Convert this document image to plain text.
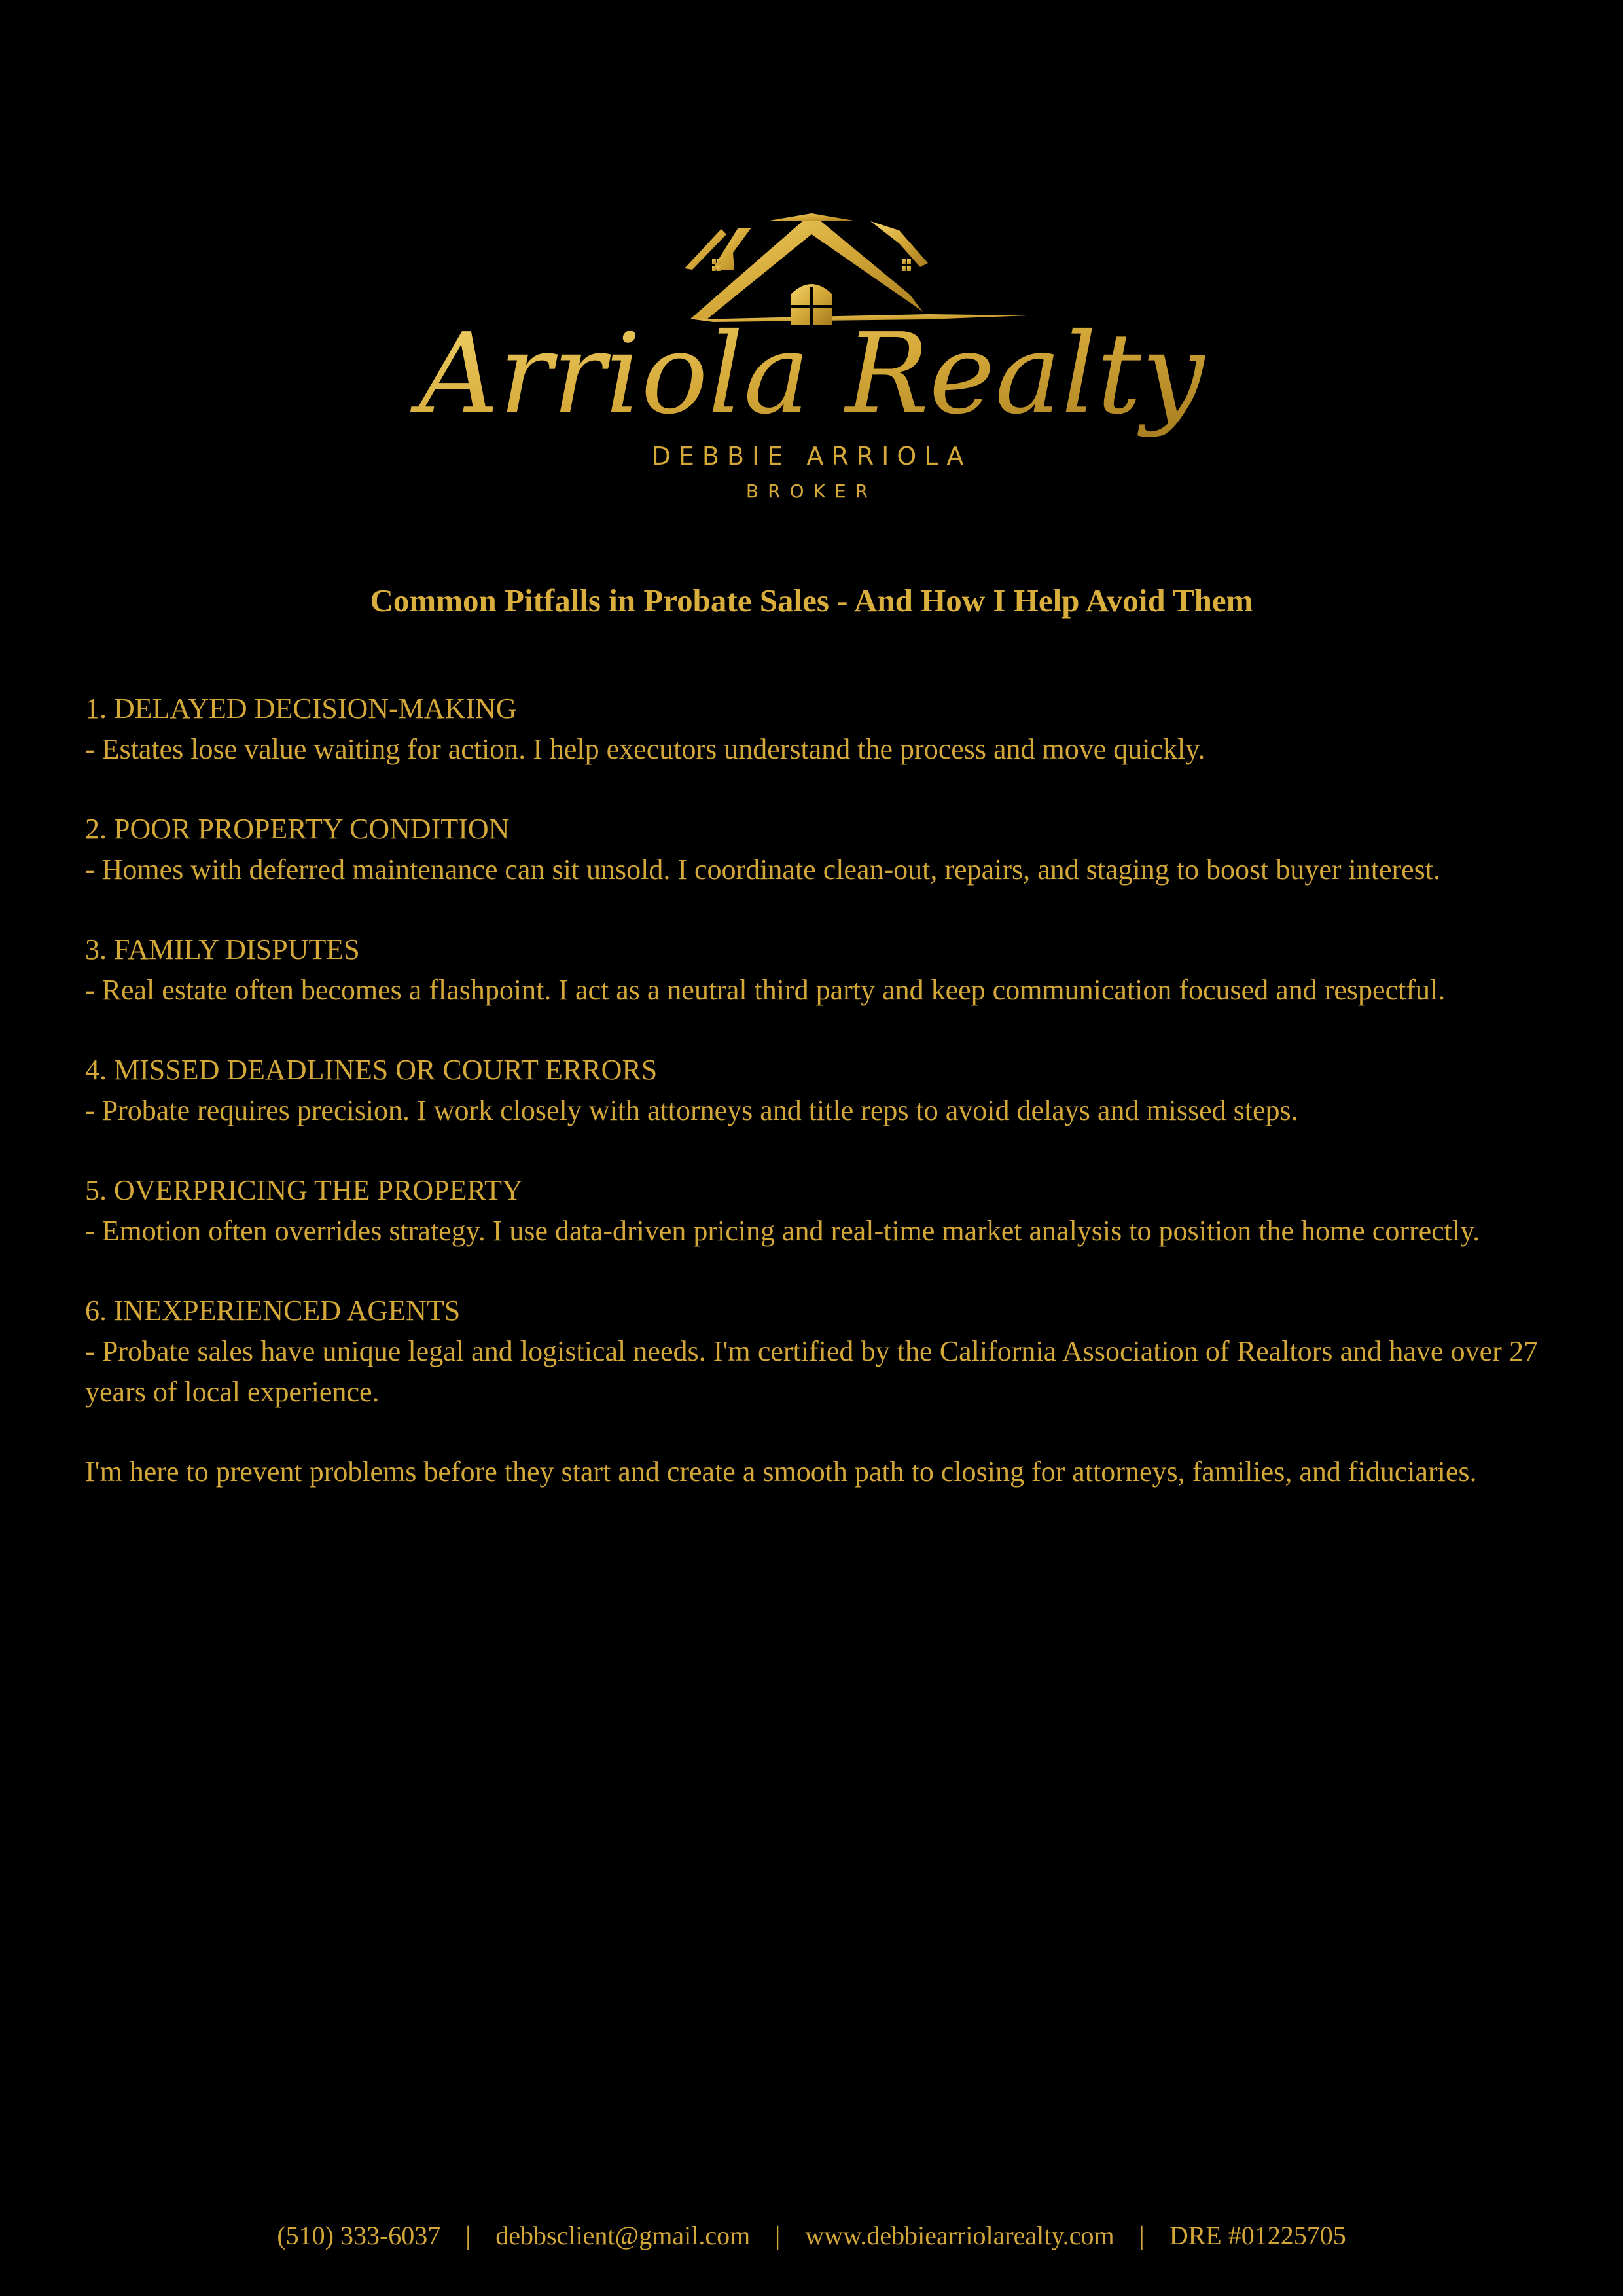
Arriola Realty
DEBBIE ARRIOLA
BROKER
Common Pitfalls in Probate Sales - And How I Help Avoid Them
1. DELAYED DECISION-MAKING
- Estates lose value waiting for action. I help executors understand the process and move quickly.
2. POOR PROPERTY CONDITION
- Homes with deferred maintenance can sit unsold. I coordinate clean-out, repairs, and staging to boost buyer interest.
3. FAMILY DISPUTES
- Real estate often becomes a flashpoint. I act as a neutral third party and keep communication focused and respectful.
4. MISSED DEADLINES OR COURT ERRORS
- Probate requires precision. I work closely with attorneys and title reps to avoid delays and missed steps.
5. OVERPRICING THE PROPERTY
- Emotion often overrides strategy. I use data-driven pricing and real-time market analysis to position the home correctly.
6. INEXPERIENCED AGENTS
- Probate sales have unique legal and logistical needs. I'm certified by the California Association of Realtors and have over 27 years of local experience.

I'm here to prevent problems before they start and create a smooth path to closing for attorneys, families, and fiduciaries.

(510) 333-6037 | debbsclient@gmail.com | www.debbiearriolarealty.com | DRE #01225705
